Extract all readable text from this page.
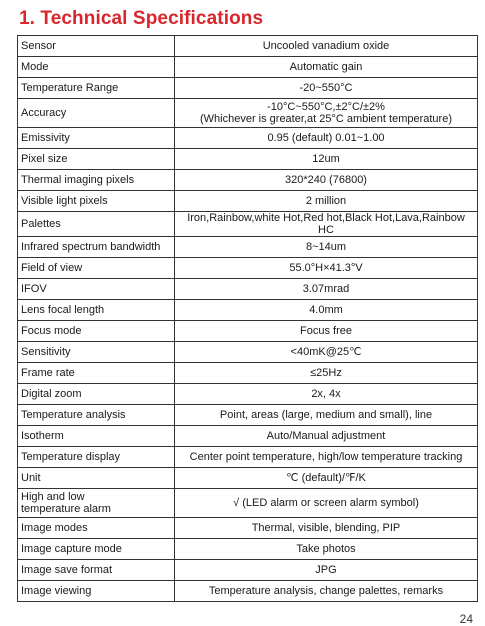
1. Technical Specifications
Sensor	Uncooled vanadium oxide
Mode	Automatic gain
Temperature Range	-20~550°C
Accuracy	-10°C~550°C,±2°C/±2%
(Whichever is greater,at 25°C ambient temperature)
Emissivity	0.95 (default) 0.01~1.00
Pixel size	12um
Thermal imaging pixels	320*240 (76800)
Visible light pixels	2 million
Palettes	Iron,Rainbow,white Hot,Red hot,Black Hot,Lava,Rainbow HC
Infrared spectrum bandwidth	8~14um
Field of view	55.0°H×41.3°V
IFOV	3.07mrad
Lens focal length	4.0mm
Focus mode	Focus free
Sensitivity	<40mK@25℃
Frame rate	≤25Hz
Digital zoom	2x, 4x
Temperature analysis	Point, areas (large, medium and small), line
Isotherm	Auto/Manual adjustment
Temperature display	Center point temperature, high/low temperature tracking
Unit	℃ (default)/℉/K
High and low
temperature alarm	√ (LED alarm or screen alarm symbol)
Image modes	Thermal, visible, blending, PIP
Image capture mode	Take photos
Image save format	JPG
Image viewing	Temperature analysis, change palettes, remarks
24
